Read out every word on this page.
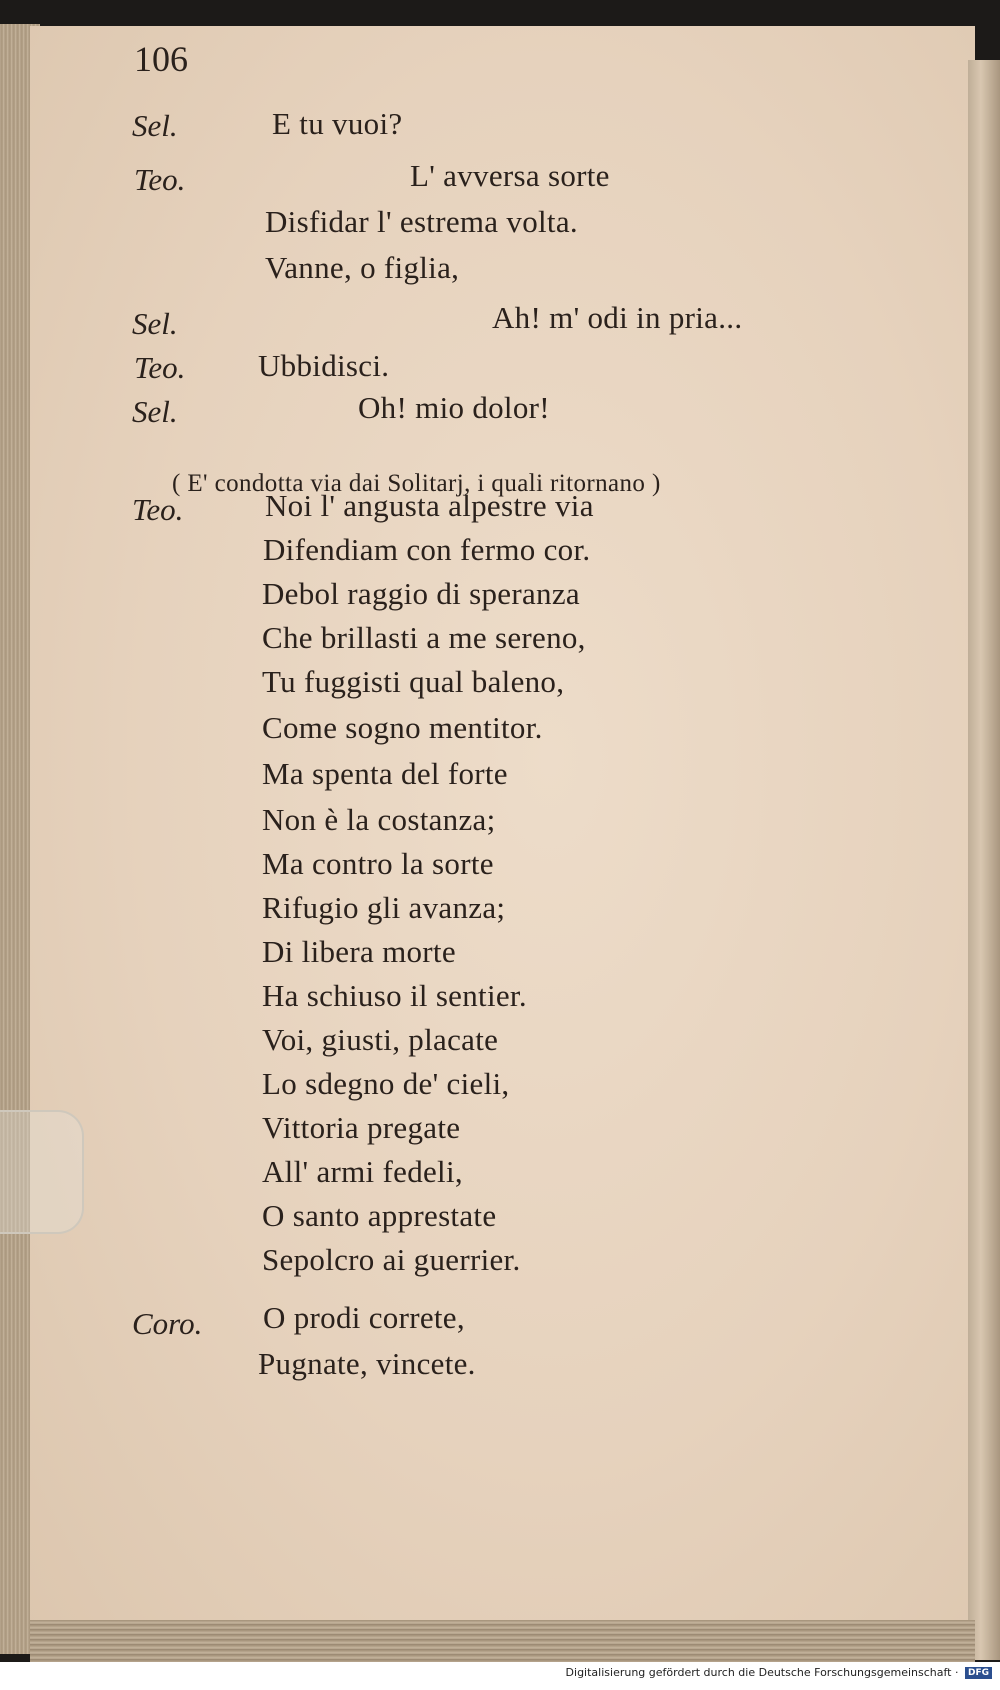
106
Sel.	E tu vuoi?
Teo.	L' avversa sorte
Disfidar l' estrema volta.
Vanne, o figlia,
Sel.	Ah! m' odi in pria...
Teo. Ubbidisci.
Sel.	Oh! mio dolor!
( E' condotta via dai Solitarj, i quali ritornano )
Teo.	Noi l' angusta alpestre via
Difendiam con fermo cor.
Debol raggio di speranza
Che brillasti a me sereno,
Tu fuggisti qual baleno,
Come sogno mentitor.
Ma spenta del forte
Non è la costanza;
Ma contro la sorte
Rifugio gli avanza;
Di libera morte
Ha schiuso il sentier.
Voi, giusti, placate
Lo sdegno de' cieli,
Vittoria pregate
All' armi fedeli,
O santo apprestate
Sepolcro ai guerrier.
Coro. O prodi correte,
Pugnate, vincete.
Digitalisierung gefördert durch die Deutsche Forschungsgemeinschaft · DFG
